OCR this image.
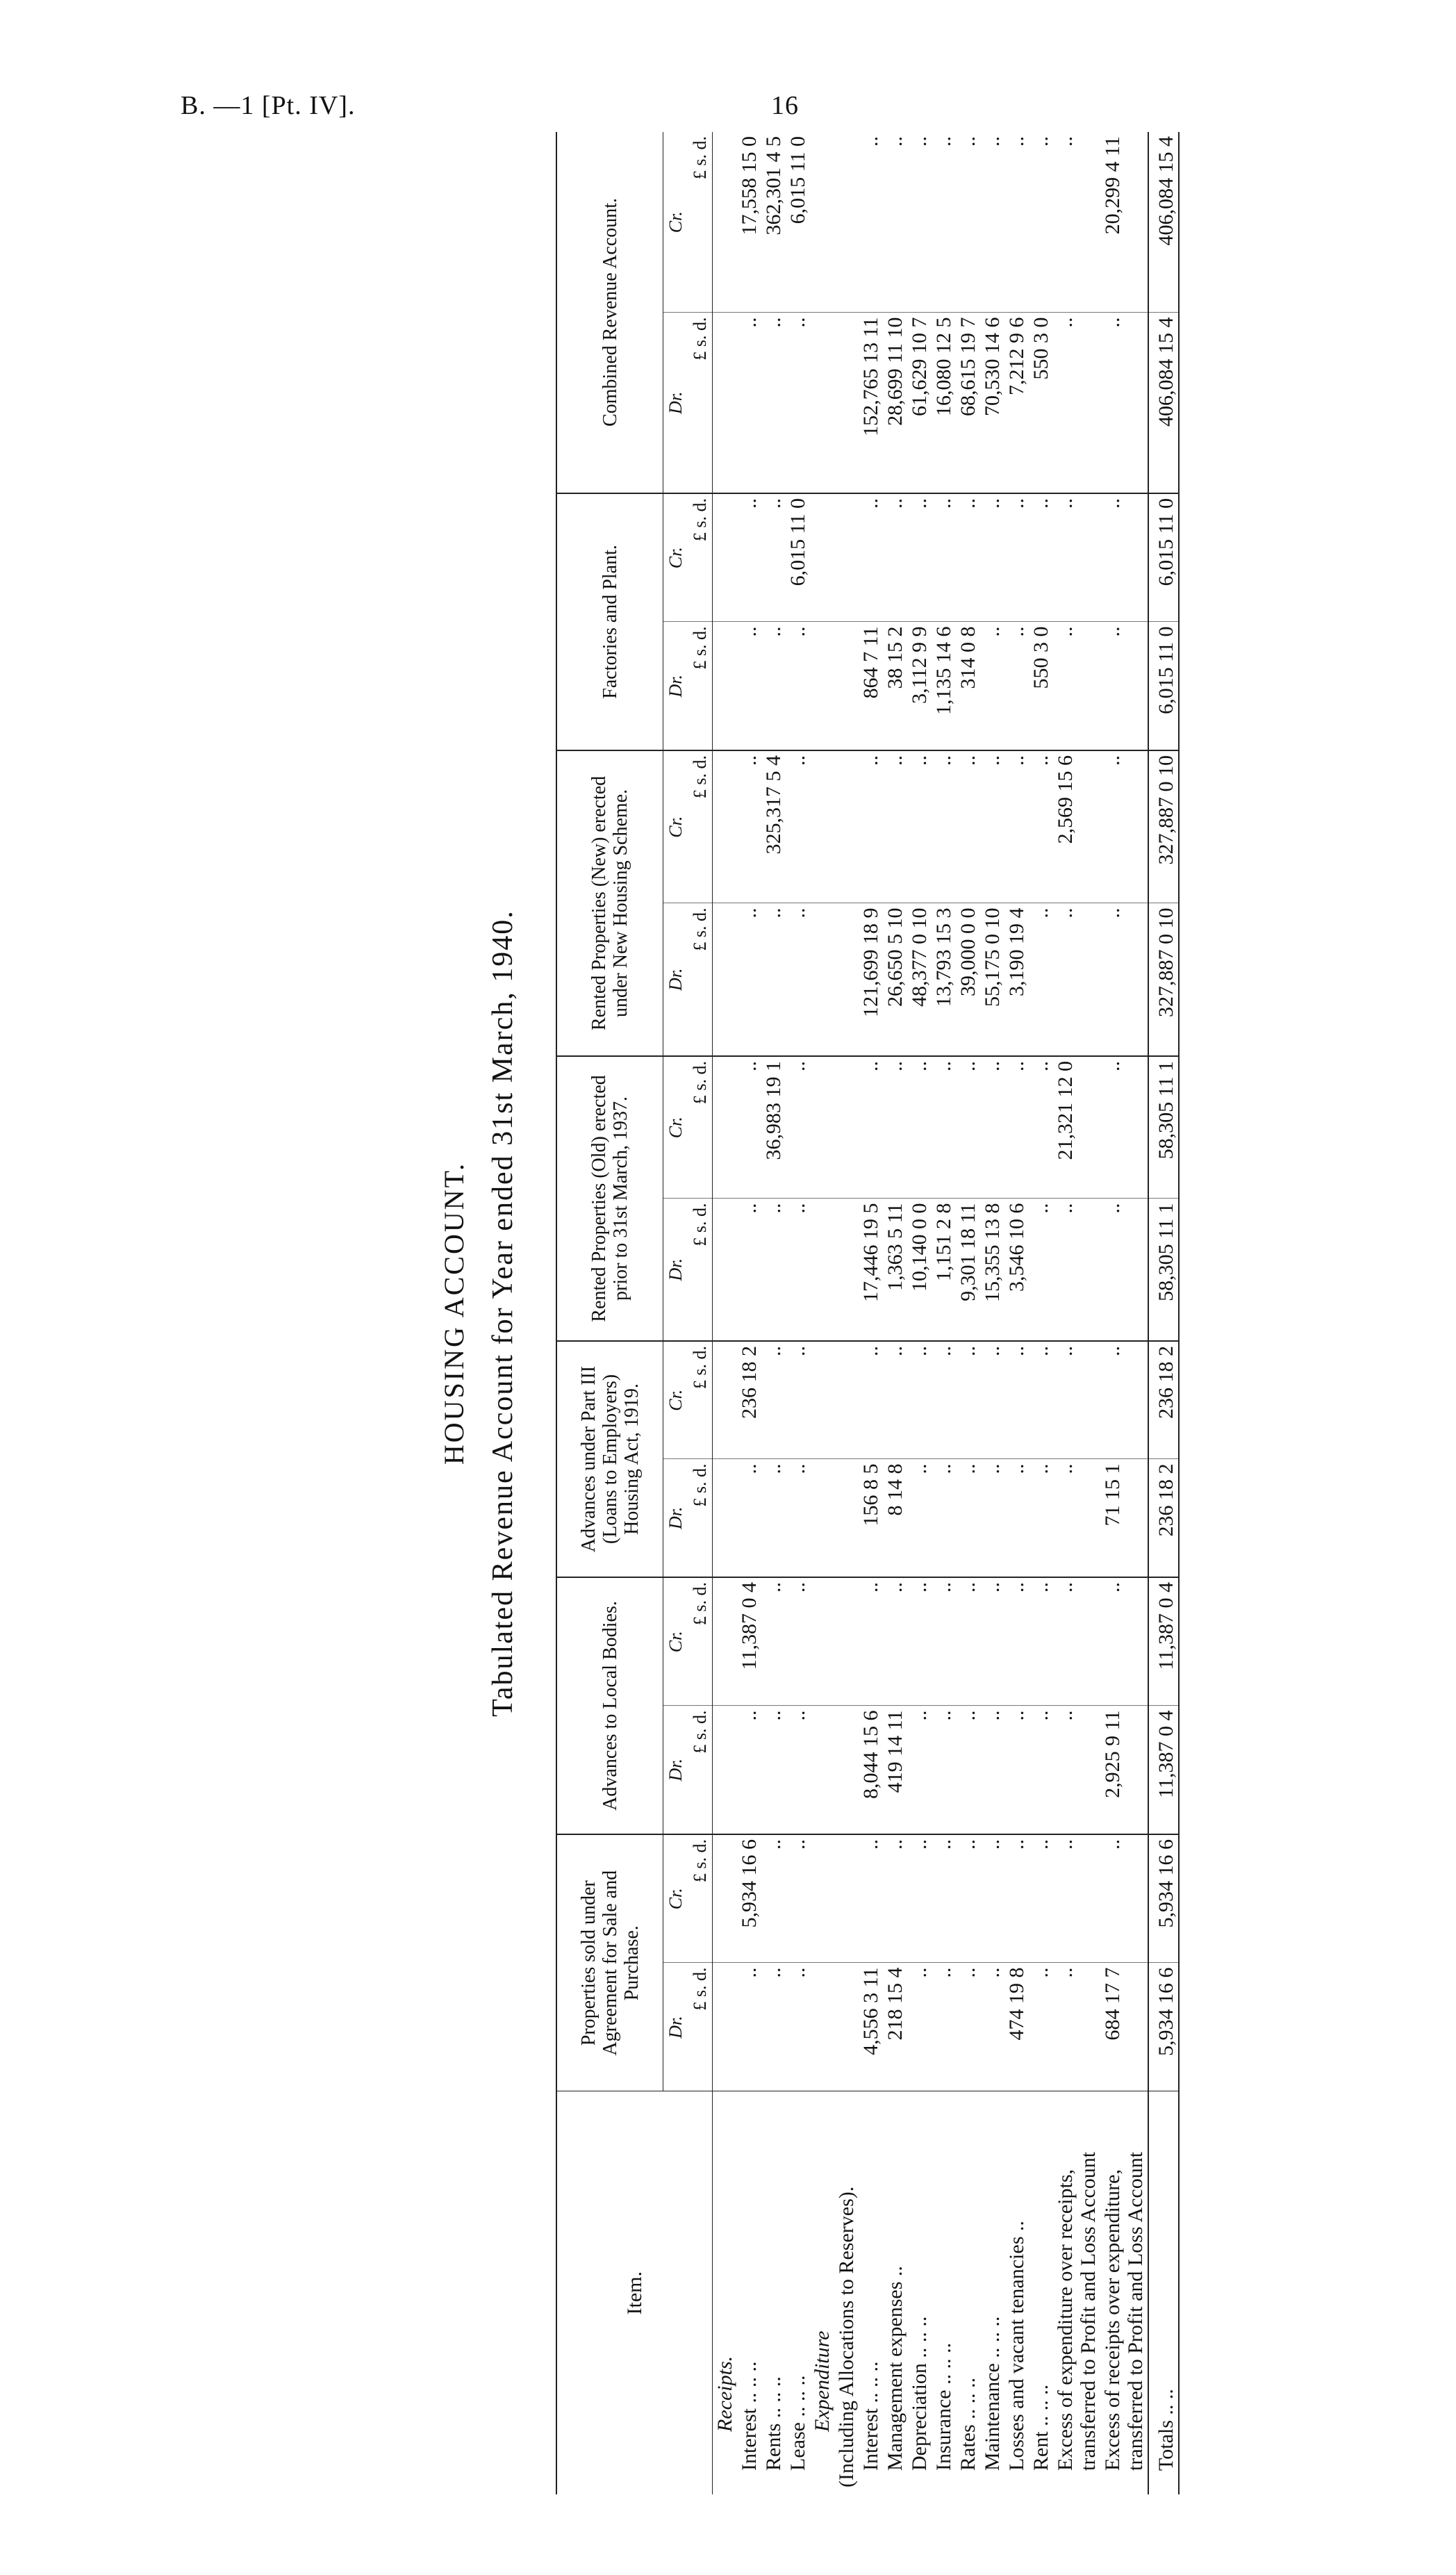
B. —1 [Pt. IV].	16
HOUSING ACCOUNT. Tabulated Revenue Account for Year ended 31st March, 1940.
Item.	Properties sold under Agreement for Sale and Purchase.		Advances to Local Bodies.		Advances under Part III (Loans to Employers) Housing Act, 1919.		Rented Properties (Old) erected prior to 31st March, 1937.		Rented Properties (New) erected under New Housing Scheme.		Factories and Plant.		Combined Revenue Account.	
	Dr.	Cr.	Dr.	Cr.	Dr.	Cr.	Dr.	Cr.	Dr.	Cr.	Dr.	Cr.	Dr.	Cr.
	£ s. d.	£ s. d.	£ s. d.	£ s. d.	£ s. d.	£ s. d.	£ s. d.	£ s. d.	£ s. d.	£ s. d.	£ s. d.	£ s. d.	£ s. d.	£ s. d.
Receipts.														
Interest .. .. ..	..	5,934 16 6	..	11,387 0 4	..	236 18 2	..	..	..	..	..	..	..	17,558 15 0
Rents .. .. ..	..	..	..	..	..	..	..	36,983 19 1	..	325,317 5 4	..	..	..	362,301 4 5
Lease .. .. ..	..	..	..	..	..	..	..	..	..	..	..	6,015 11 0	..	6,015 11 0
Expenditure														
(Including Allocations to Reserves).														
Interest .. .. ..	4,556 3 11	..	8,044 15 6	..	156 8 5	..	17,446 19 5	..	121,699 18 9	..	864 7 11	..	152,765 13 11	..
Management expenses ..	218 15 4	..	419 14 11	..	8 14 8	..	1,363 5 11	..	26,650 5 10	..	38 15 2	..	28,699 11 10	..
Depreciation .. .. ..	..	..	..	..	..	..	10,140 0 0	..	48,377 0 10	..	3,112 9 9	..	61,629 10 7	..
Insurance .. .. ..	..	..	..	..	..	..	1,151 2 8	..	13,793 15 3	..	1,135 14 6	..	16,080 12 5	..
Rates .. .. ..	..	..	..	..	..	..	9,301 18 11	..	39,000 0 0	..	314 0 8	..	68,615 19 7	..
Maintenance .. .. ..	..	..	..	..	..	..	15,355 13 8	..	55,175 0 10	..	..	..	70,530 14 6	..
Losses and vacant tenancies ..	474 19 8	..	..	..	..	..	3,546 10 6	..	3,190 19 4	..	..	..	7,212 9 6	..
Rent .. .. ..	..	..	..	..	..	..	..	..	..	..	550 3 0	..	550 3 0	..
Excess of expenditure over receipts, transferred to Profit and Loss Account	..	..	..	..	..	..	..	21,321 12 0	..	2,569 15 6	..	..	..	..
Excess of receipts over expenditure, transferred to Profit and Loss Account	684 17 7	..	2,925 9 11	..	71 15 1	..	..	..	..	..	..	..	..	20,299 4 11
Totals .. ..	5,934 16 6	5,934 16 6	11,387 0 4	11,387 0 4	236 18 2	236 18 2	58,305 11 1	58,305 11 1	327,887 0 10	327,887 0 10	6,015 11 0	6,015 11 0	406,084 15 4	406,084 15 4
